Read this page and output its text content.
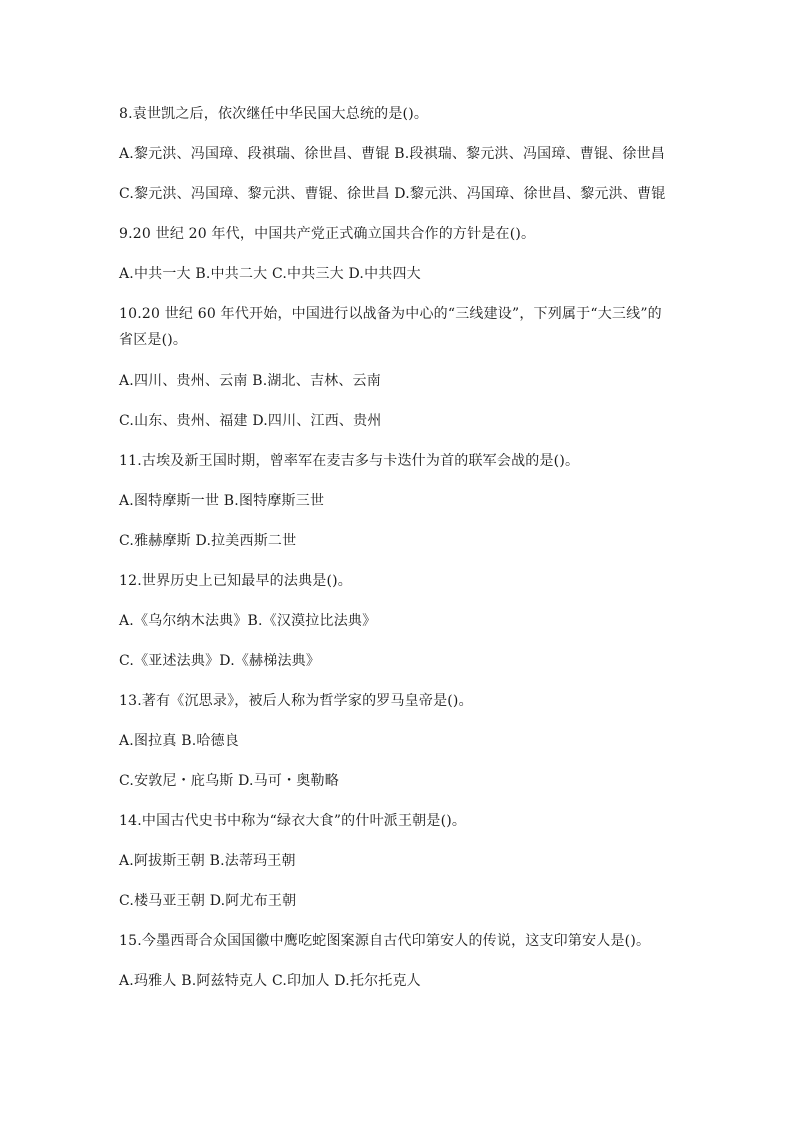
8.袁世凯之后，依次继任中华民国大总统的是()。
A.黎元洪、冯国璋、段祺瑞、徐世昌、曹锟 B.段祺瑞、黎元洪、冯国璋、曹锟、徐世昌
C.黎元洪、冯国璋、黎元洪、曹锟、徐世昌 D.黎元洪、冯国璋、徐世昌、黎元洪、曹锟
9.20 世纪 20 年代，中国共产党正式确立国共合作的方针是在()。
A.中共一大 B.中共二大 C.中共三大 D.中共四大
10.20 世纪 60 年代开始，中国进行以战备为中心的“三线建设”，下列属于“大三线”的
省区是()。
A.四川、贵州、云南 B.湖北、吉林、云南
C.山东、贵州、福建 D.四川、江西、贵州
11.古埃及新王国时期，曾率军在麦吉多与卡迭什为首的联军会战的是()。
A.图特摩斯一世 B.图特摩斯三世
C.雅赫摩斯 D.拉美西斯二世
12.世界历史上已知最早的法典是()。
A.《乌尔纳木法典》B.《汉漠拉比法典》
C.《亚述法典》D.《赫梯法典》
13.著有《沉思录》，被后人称为哲学家的罗马皇帝是()。
A.图拉真 B.哈德良
C.安敦尼・庇乌斯 D.马可・奥勒略
14.中国古代史书中称为“绿衣大食”的什叶派王朝是()。
A.阿拔斯王朝 B.法蒂玛王朝
C.楼马亚王朝 D.阿尤布王朝
15.今墨西哥合众国国徽中鹰吃蛇图案源自古代印第安人的传说，这支印第安人是()。
A.玛雅人 B.阿兹特克人 C.印加人 D.托尔托克人
